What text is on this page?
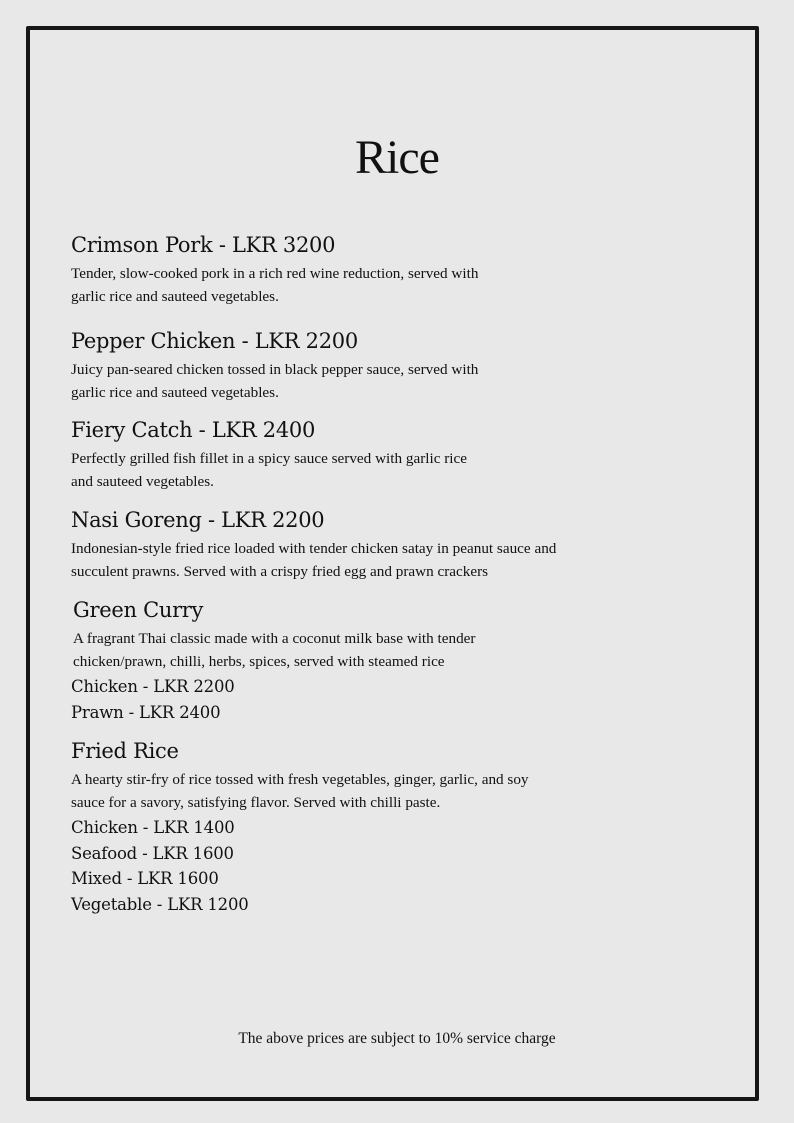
Rice
Crimson Pork - LKR 3200
Tender, slow-cooked pork in a rich red wine reduction, served with
garlic rice and sauteed vegetables.
Pepper Chicken - LKR 2200
Juicy pan-seared chicken tossed in black pepper sauce, served with
garlic rice and sauteed vegetables.
Fiery Catch - LKR 2400
Perfectly grilled fish fillet in a spicy sauce served with garlic rice
and sauteed vegetables.
Nasi Goreng - LKR 2200
Indonesian-style fried rice loaded with tender chicken satay in peanut sauce and
succulent prawns. Served with a crispy fried egg and prawn crackers
Green Curry
A fragrant Thai classic made with a coconut milk base with tender
chicken/prawn, chilli, herbs, spices, served with steamed rice
Chicken - LKR 2200
Prawn - LKR 2400
Fried Rice
A hearty stir-fry of rice tossed with fresh vegetables, ginger, garlic, and soy
sauce for a savory, satisfying flavor. Served with chilli paste.
Chicken - LKR 1400
Seafood - LKR 1600
Mixed - LKR 1600
Vegetable - LKR 1200
The above prices are subject to 10% service charge
